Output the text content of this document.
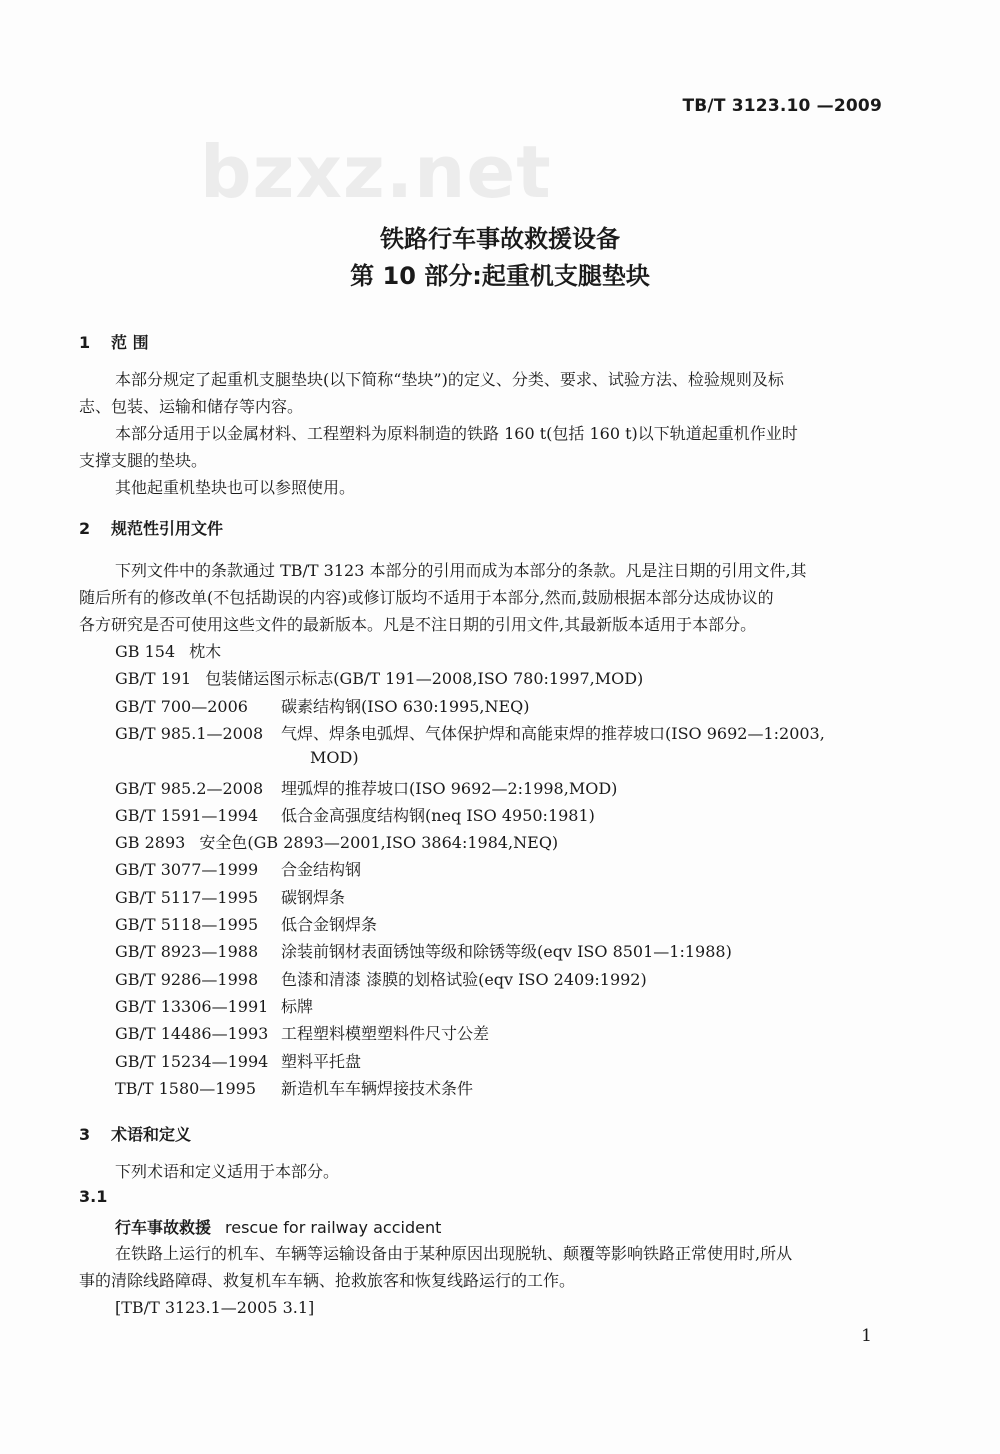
TB/T 3123.10 —2009
bzxz.net
铁路行车事故救援设备
第 10 部分:起重机支腿垫块
1 范 围
本部分规定了起重机支腿垫块(以下简称“垫块”)的定义、分类、要求、试验方法、检验规则及标
志、包装、运输和储存等内容。
本部分适用于以金属材料、工程塑料为原料制造的铁路 160 t(包括 160 t)以下轨道起重机作业时
支撑支腿的垫块。
其他起重机垫块也可以参照使用。
2 规范性引用文件
下列文件中的条款通过 TB/T 3123 本部分的引用而成为本部分的条款。凡是注日期的引用文件,其
随后所有的修改单(不包括勘误的内容)或修订版均不适用于本部分,然而,鼓励根据本部分达成协议的
各方研究是否可使用这些文件的最新版本。凡是不注日期的引用文件,其最新版本适用于本部分。
GB 154 枕木
GB/T 191 包装储运图示标志(GB/T 191—2008,ISO 780:1997,MOD)
GB/T 700—2006 碳素结构钢(ISO 630:1995,NEQ)
GB/T 985.1—2008 气焊、焊条电弧焊、气体保护焊和高能束焊的推荐坡口(ISO 9692—1:2003,
MOD)
GB/T 985.2—2008 埋弧焊的推荐坡口(ISO 9692—2:1998,MOD)
GB/T 1591—1994 低合金高强度结构钢(neq ISO 4950:1981)
GB 2893 安全色(GB 2893—2001,ISO 3864:1984,NEQ)
GB/T 3077—1999 合金结构钢
GB/T 5117—1995 碳钢焊条
GB/T 5118—1995 低合金钢焊条
GB/T 8923—1988 涂装前钢材表面锈蚀等级和除锈等级(eqv ISO 8501—1:1988)
GB/T 9286—1998 色漆和清漆 漆膜的划格试验(eqv ISO 2409:1992)
GB/T 13306—1991 标牌
GB/T 14486—1993 工程塑料模塑塑料件尺寸公差
GB/T 15234—1994 塑料平托盘
TB/T 1580—1995 新造机车车辆焊接技术条件
3 术语和定义
下列术语和定义适用于本部分。
3.1
行车事故救援 rescue for railway accident
在铁路上运行的机车、车辆等运输设备由于某种原因出现脱轨、颠覆等影响铁路正常使用时,所从
事的清除线路障碍、救复机车车辆、抢救旅客和恢复线路运行的工作。
[TB/T 3123.1—2005 3.1]
1
